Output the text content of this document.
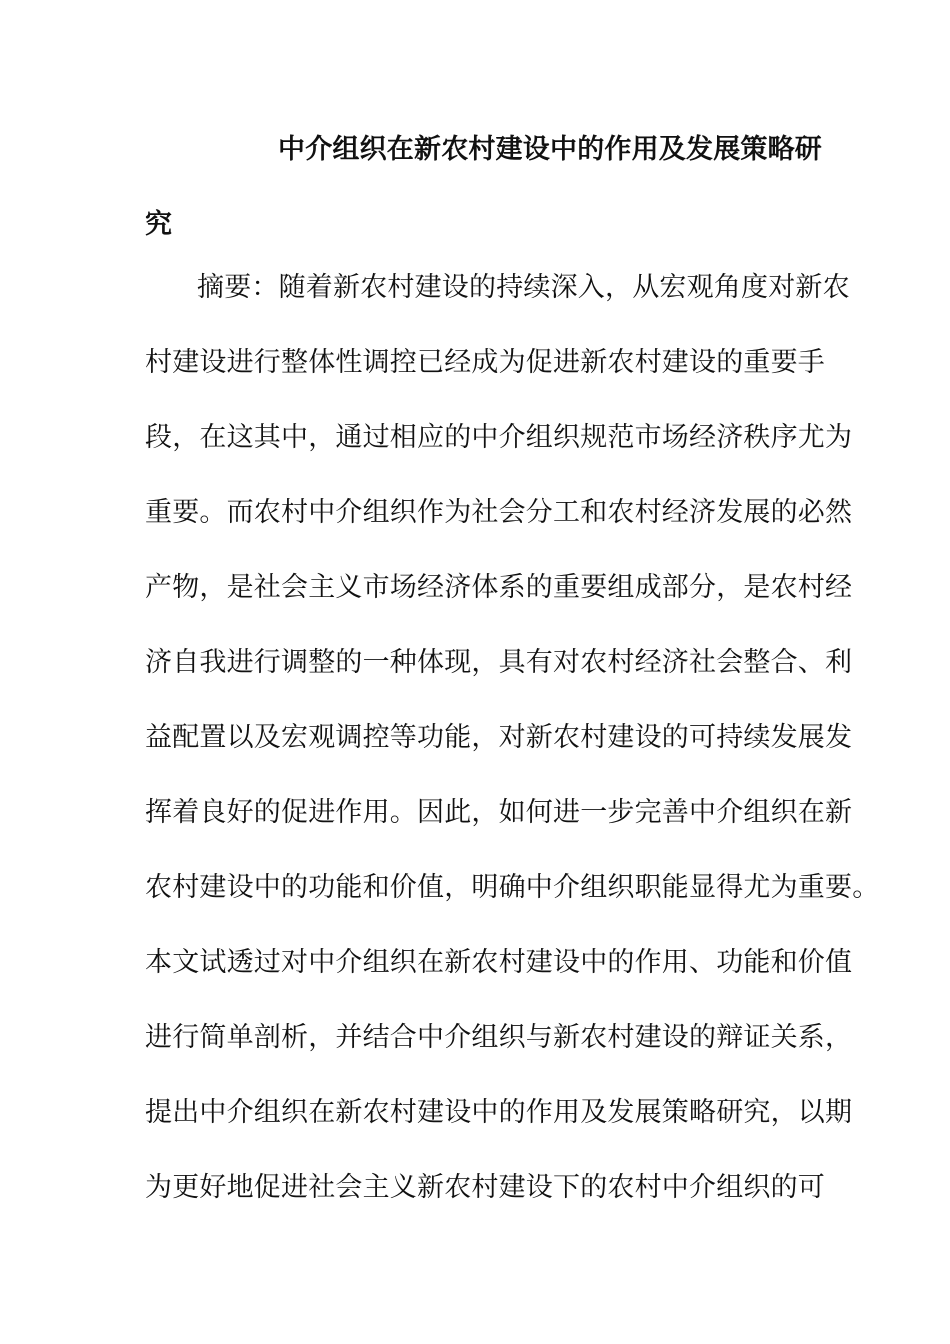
中介组织在新农村建设中的作用及发展策略研
究
摘要：随着新农村建设的持续深入，从宏观角度对新农
村建设进行整体性调控已经成为促进新农村建设的重要手
段，在这其中，通过相应的中介组织规范市场经济秩序尤为
重要。而农村中介组织作为社会分工和农村经济发展的必然
产物，是社会主义市场经济体系的重要组成部分，是农村经
济自我进行调整的一种体现，具有对农村经济社会整合、利
益配置以及宏观调控等功能，对新农村建设的可持续发展发
挥着良好的促进作用。因此，如何进一步完善中介组织在新
农村建设中的功能和价值，明确中介组织职能显得尤为重要。
本文试透过对中介组织在新农村建设中的作用、功能和价值
进行简单剖析，并结合中介组织与新农村建设的辩证关系，
提出中介组织在新农村建设中的作用及发展策略研究，以期
为更好地促进社会主义新农村建设下的农村中介组织的可
